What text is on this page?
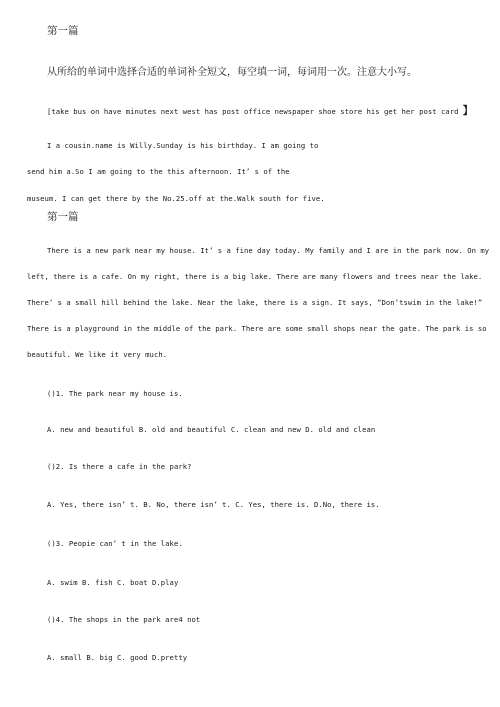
第一篇
从所给的单词中选择合适的单词补全短文，每空填一词，每词用一次。注意大小写。
[take bus on have minutes next west has post office newspaper shoe store his get her post card 】
I a cousin.name is Willy.Sunday is his birthday. I am going to
send him a.So I am going to the this afternoon. It’ s of the
museum. I can get there by the No.25.off at the.Walk south for five.
第一篇
There is a new park near my house. It’ s a fine day today. My family and I are in the park now. On my
left, there is a cafe. On my right, there is a big lake. There are many flowers and trees near the lake.
There’ s a small hill behind the lake. Near the lake, there is a sign. It says, “Don’tswim in the lake!”
There is a playground in the middle of the park. There are some small shops near the gate. The park is so
beautiful. We like it very much.
()1. The park near my house is.
A. new and beautiful B. old and beautiful C. clean and new D. old and clean
()2. Is there a cafe in the park?
A. Yes, there isn’ t. B. No, there isn’ t. C. Yes, there is. D.No, there is.
()3. Peopie can’ t in the lake.
A. swim B. fish C. boat D.play
()4. The shops in the park are4 not
A. small B. big C. good D.pretty
